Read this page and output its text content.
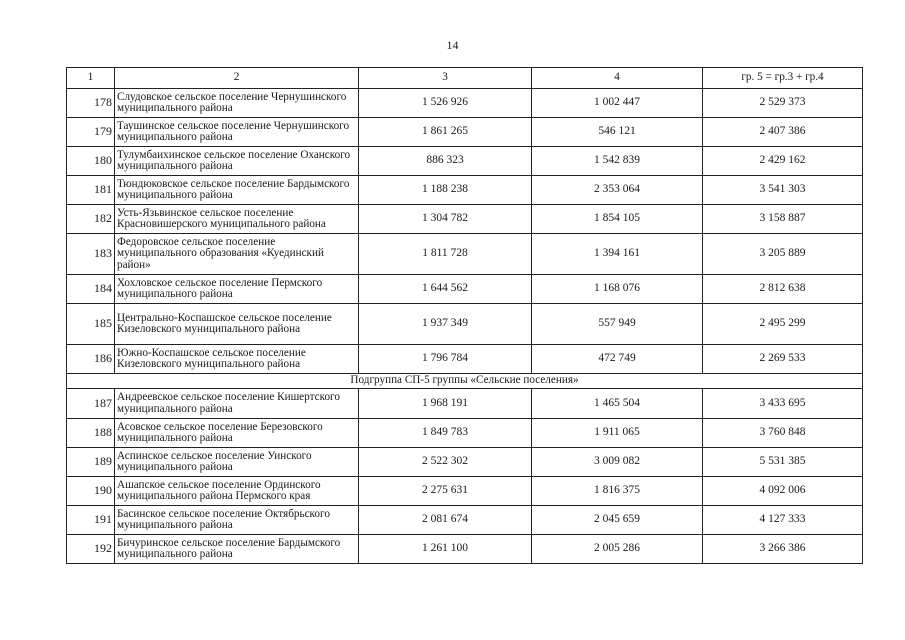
14
1	2	3	4	гр. 5 = гр.3 + гр.4
178	Слудовское сельское поселение Чернушинского муниципального района	1 526 926	1 002 447	2 529 373
179	Таушинское сельское поселение Чернушинского муниципального района	1 861 265	546 121	2 407 386
180	Тулумбаихинское сельское поселение Оханского муниципального района	886 323	1 542 839	2 429 162
181	Тюндюковское сельское поселение Бардымского муниципального района	1 188 238	2 353 064	3 541 303
182	Усть-Язьвинское сельское поселение Красновишерского муниципального района	1 304 782	1 854 105	3 158 887
183	Федоровское сельское поселение муниципального образования «Куединский район»	1 811 728	1 394 161	3 205 889
184	Хохловское сельское поселение Пермского муниципального района	1 644 562	1 168 076	2 812 638
185	Центрально-Коспашское сельское поселение Кизеловского муниципального района	1 937 349	557 949	2 495 299
186	Южно-Коспашское сельское поселение Кизеловского муниципального района	1 796 784	472 749	2 269 533
Подгруппа СП-5 группы «Сельские поселения»				
187	Андреевское сельское поселение Кишертского муниципального района	1 968 191	1 465 504	3 433 695
188	Асовское сельское поселение Березовского муниципального района	1 849 783	1 911 065	3 760 848
189	Аспинское сельское поселение Уинского муниципального района	2 522 302	3 009 082	5 531 385
190	Ашапское сельское поселение Ординского муниципального района Пермского края	2 275 631	1 816 375	4 092 006
191	Басинское сельское поселение Октябрьского муниципального района	2 081 674	2 045 659	4 127 333
192	Бичуринское сельское поселение Бардымского муниципального района	1 261 100	2 005 286	3 266 386
